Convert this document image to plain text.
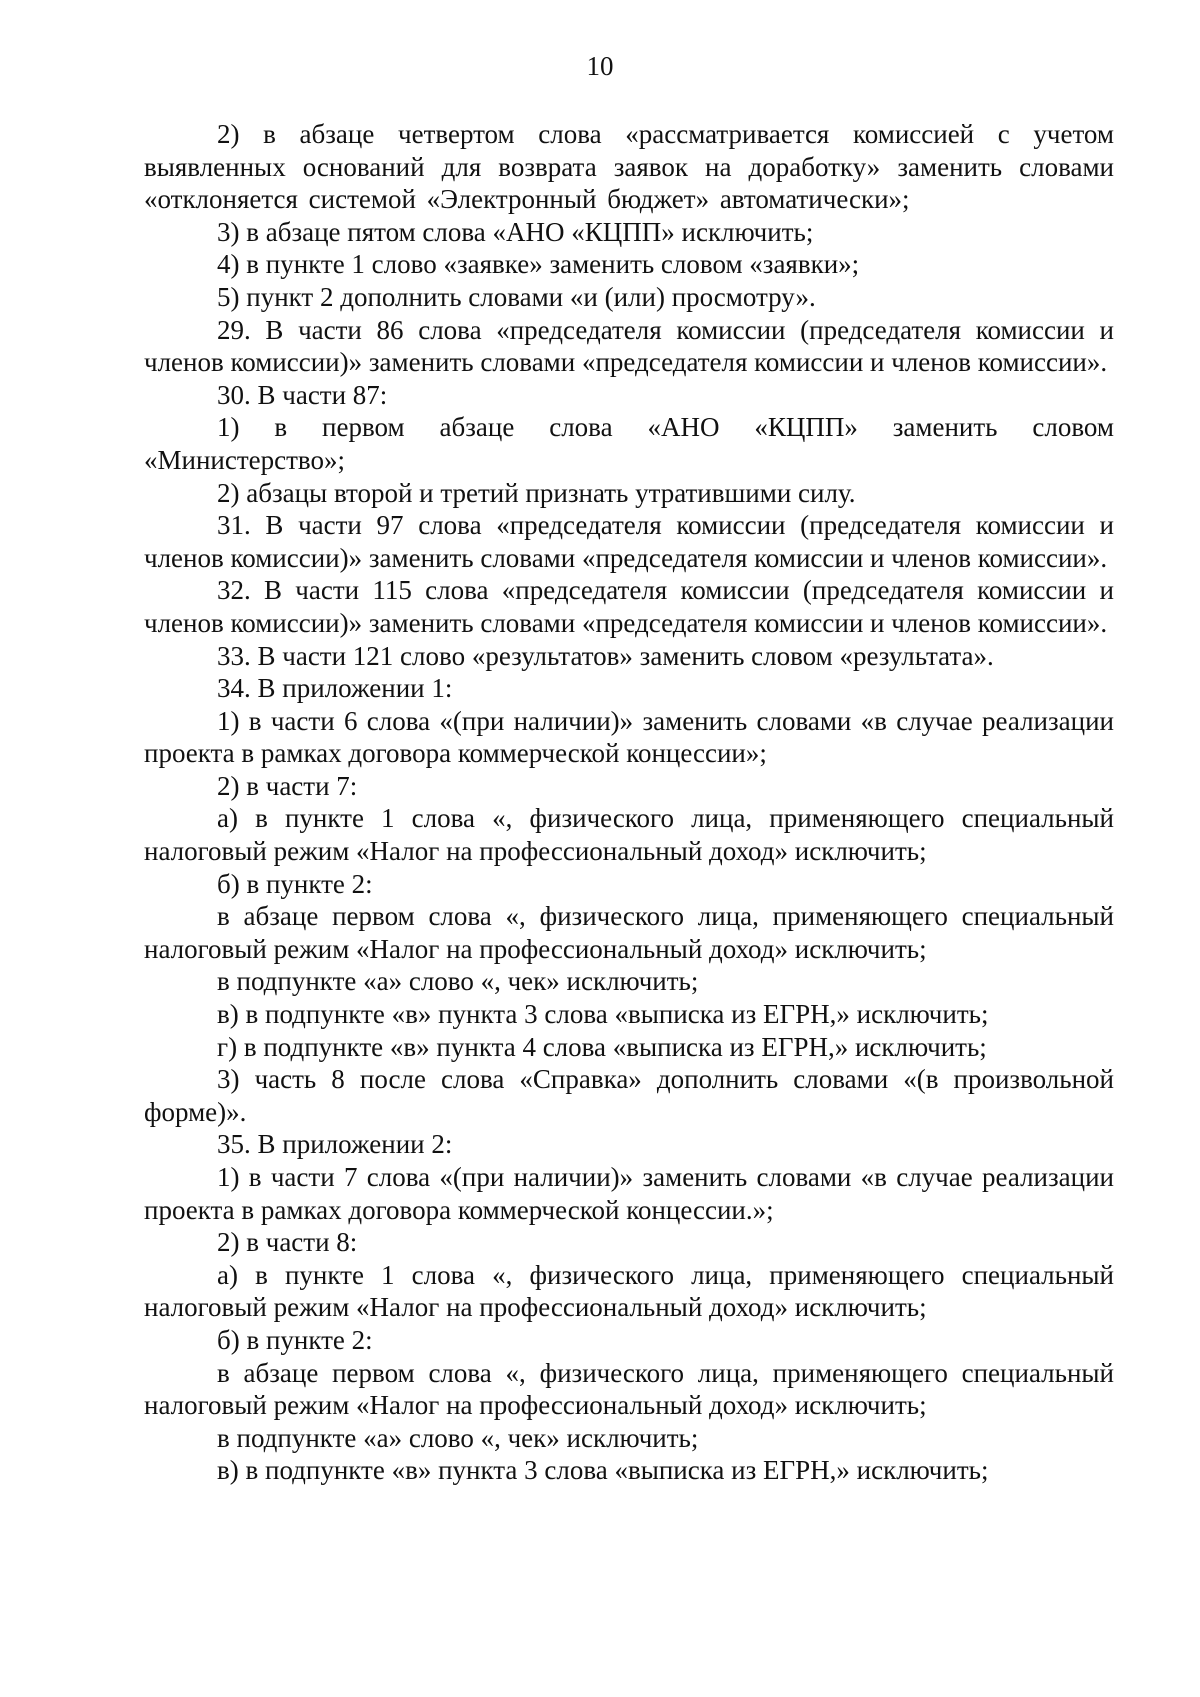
10

2) в абзаце четвертом слова «рассматривается комиссией с учетом выявленных оснований для возврата заявок на доработку» заменить словами «отклоняется системой «Электронный бюджет» автоматически»;

3) в абзаце пятом слова «АНО «КЦПП» исключить;

4) в пункте 1 слово «заявке» заменить словом «заявки»;

5) пункт 2 дополнить словами «и (или) просмотру».

29. В части 86 слова «председателя комиссии (председателя комиссии и членов комиссии)» заменить словами «председателя комиссии и членов комиссии».

30. В части 87:

1) в первом абзаце слова «АНО «КЦПП» заменить словом «Министерство»;

2) абзацы второй и третий признать утратившими силу.

31. В части 97 слова «председателя комиссии (председателя комиссии и членов комиссии)» заменить словами «председателя комиссии и членов комиссии».

32. В части 115 слова «председателя комиссии (председателя комиссии и членов комиссии)» заменить словами «председателя комиссии и членов комиссии».

33. В части 121 слово «результатов» заменить словом «результата».

34. В приложении 1:

1) в части 6 слова «(при наличии)» заменить словами «в случае реализации проекта в рамках договора коммерческой концессии»;

2) в части 7:

а) в пункте 1 слова «, физического лица, применяющего специальный налоговый режим «Налог на профессиональный доход» исключить;

б) в пункте 2:

в абзаце первом слова «, физического лица, применяющего специальный налоговый режим «Налог на профессиональный доход» исключить;

в подпункте «а» слово «, чек» исключить;

в) в подпункте «в» пункта 3 слова «выписка из ЕГРН,» исключить;

г) в подпункте «в» пункта 4 слова «выписка из ЕГРН,» исключить;

3) часть 8 после слова «Справка» дополнить словами «(в произвольной форме)».

35. В приложении 2:

1) в части 7 слова «(при наличии)» заменить словами «в случае реализации проекта в рамках договора коммерческой концессии.»;

2) в части 8:

а) в пункте 1 слова «, физического лица, применяющего специальный налоговый режим «Налог на профессиональный доход» исключить;

б) в пункте 2:

в абзаце первом слова «, физического лица, применяющего специальный налоговый режим «Налог на профессиональный доход» исключить;

в подпункте «а» слово «, чек» исключить;

в) в подпункте «в» пункта 3 слова «выписка из ЕГРН,» исключить;
